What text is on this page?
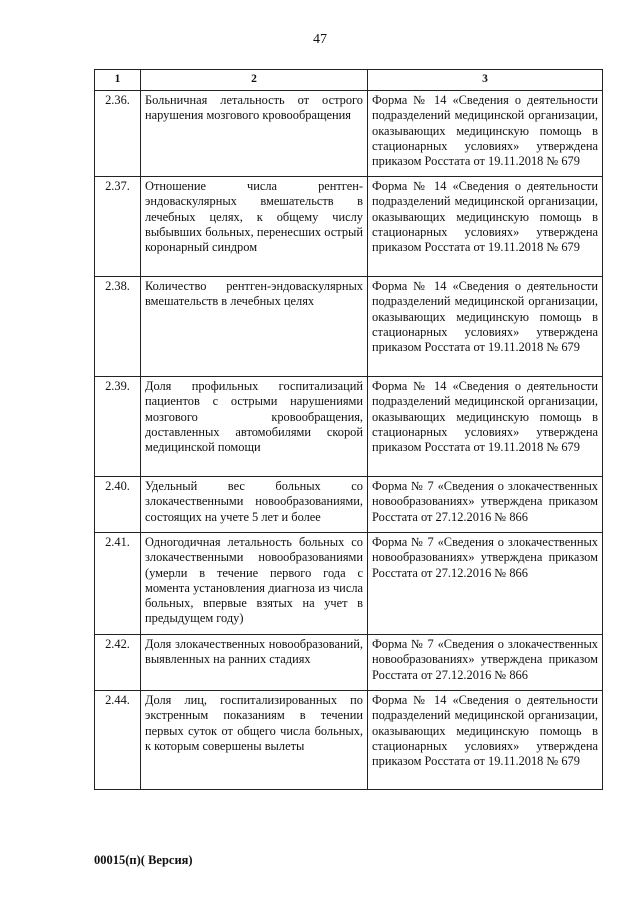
47
1	2	3
2.36.	Больничная летальность от острого нарушения мозгового кровообращения	Форма № 14 «Сведения о деятельности подразделений медицинской организации, оказывающих медицинскую помощь в стационарных условиях» утверждена приказом Росстата от 19.11.2018 № 679
2.37.	Отношение числа рентген-эндоваскулярных вмешательств в лечебных целях, к общему числу выбывших больных, перенесших острый коронарный синдром	Форма № 14 «Сведения о деятельности подразделений медицинской организации, оказывающих медицинскую помощь в стационарных условиях» утверждена приказом Росстата от 19.11.2018 № 679
2.38.	Количество рентген-эндоваскулярных вмешательств в лечебных целях	Форма № 14 «Сведения о деятельности подразделений медицинской организации, оказывающих медицинскую помощь в стационарных условиях» утверждена приказом Росстата от 19.11.2018 № 679
2.39.	Доля профильных госпитализаций пациентов с острыми нарушениями мозгового кровообращения, доставленных автомобилями скорой медицинской помощи	Форма № 14 «Сведения о деятельности подразделений медицинской организации, оказывающих медицинскую помощь в стационарных условиях» утверждена приказом Росстата от 19.11.2018 № 679
2.40.	Удельный вес больных со злокачественными новообразованиями, состоящих на учете 5 лет и более	Форма № 7 «Сведения о злокачественных новообразованиях» утверждена приказом Росстата от 27.12.2016 № 866
2.41.	Одногодичная летальность больных со злокачественными новообразованиями (умерли в течение первого года с момента установления диагноза из числа больных, впервые взятых на учет в предыдущем году)	Форма № 7 «Сведения о злокачественных новообразованиях» утверждена приказом Росстата от 27.12.2016 № 866
2.42.	Доля злокачественных новообразований, выявленных на ранних стадиях	Форма № 7 «Сведения о злокачественных новообразованиях» утверждена приказом Росстата от 27.12.2016 № 866
2.44.	Доля лиц, госпитализированных по экстренным показаниям в течении первых суток от общего числа больных, к которым совершены вылеты	Форма № 14 «Сведения о деятельности подразделений медицинской организации, оказывающих медицинскую помощь в стационарных условиях» утверждена приказом Росстата от 19.11.2018 № 679
00015(п)( Версия)
